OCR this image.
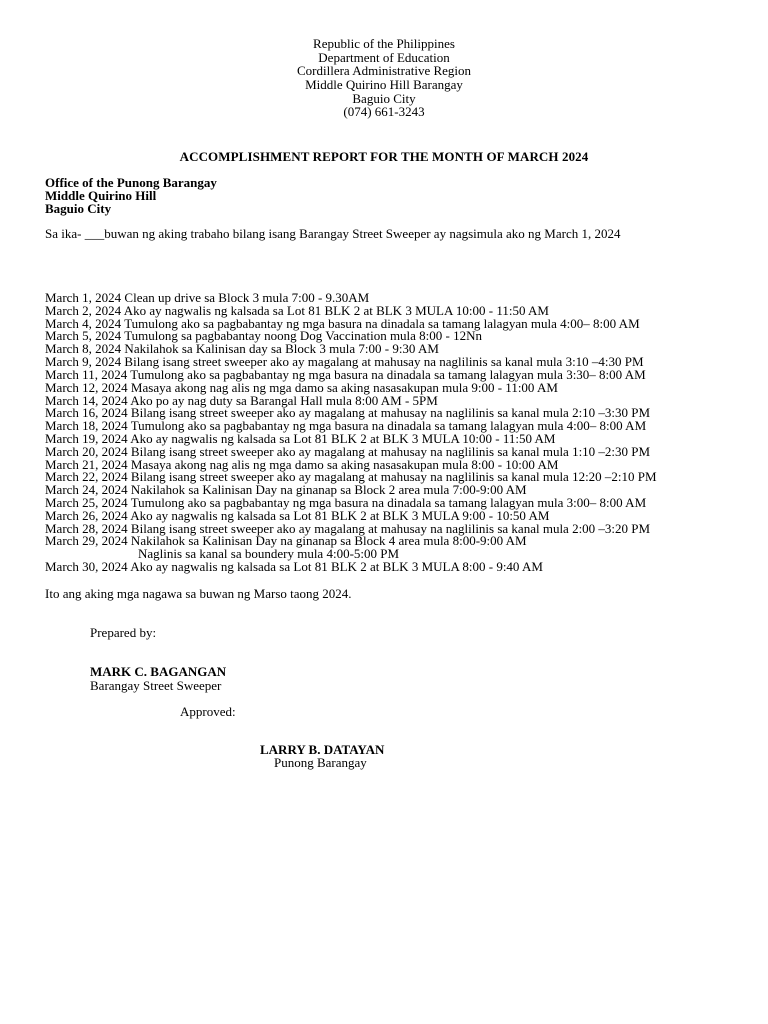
Republic of the Philippines
Department of Education
Cordillera Administrative Region
Middle Quirino Hill Barangay
Baguio City
(074) 661-3243
ACCOMPLISHMENT REPORT FOR THE MONTH OF MARCH 2024
Office of the Punong Barangay
Middle Quirino Hill
Baguio City
Sa ika- ___buwan ng aking trabaho bilang isang Barangay Street Sweeper ay nagsimula ako ng March 1, 2024
March 1, 2024 Clean up drive sa Block 3 mula 7:00 - 9.30AM
March 2, 2024 Ako ay nagwalis ng kalsada sa Lot 81 BLK 2 at BLK 3 MULA 10:00 - 11:50 AM
March 4, 2024 Tumulong ako sa pagbabantay ng mga basura na dinadala sa tamang lalagyan mula 4:00– 8:00 AM
March 5, 2024 Tumulong sa pagbabantay noong Dog Vaccination mula 8:00 - 12Nn
March 8, 2024 Nakilahok sa Kalinisan day sa Block 3 mula 7:00 - 9:30 AM
March 9, 2024 Bilang isang street sweeper ako ay magalang at mahusay na naglilinis sa kanal mula 3:10 –4:30 PM
March 11, 2024 Tumulong ako sa pagbabantay ng mga basura na dinadala sa tamang lalagyan mula 3:30– 8:00 AM
March 12, 2024 Masaya akong nag alis ng mga damo sa aking nasasakupan mula 9:00 - 11:00 AM
March 14, 2024 Ako po ay nag duty sa Barangal Hall mula 8:00 AM - 5PM
March 16, 2024 Bilang isang street sweeper ako ay magalang at mahusay na naglilinis sa kanal mula 2:10 –3:30 PM
March 18, 2024 Tumulong ako sa pagbabantay ng mga basura na dinadala sa tamang lalagyan mula 4:00– 8:00 AM
March 19, 2024 Ako ay nagwalis ng kalsada sa Lot 81 BLK 2 at BLK 3 MULA 10:00 - 11:50 AM
March 20, 2024 Bilang isang street sweeper ako ay magalang at mahusay na naglilinis sa kanal mula 1:10 –2:30 PM
March 21, 2024 Masaya akong nag alis ng mga damo sa aking nasasakupan mula 8:00 - 10:00 AM
March 22, 2024 Bilang isang street sweeper ako ay magalang at mahusay na naglilinis sa kanal mula 12:20 –2:10 PM
March 24, 2024 Nakilahok sa Kalinisan Day na ginanap sa Block 2 area mula 7:00-9:00 AM
March 25, 2024 Tumulong ako sa pagbabantay ng mga basura na dinadala sa tamang lalagyan mula 3:00– 8:00 AM
March 26, 2024 Ako ay nagwalis ng kalsada sa Lot 81 BLK 2 at BLK 3 MULA 9:00 - 10:50 AM
March 28, 2024 Bilang isang street sweeper ako ay magalang at mahusay na naglilinis sa kanal mula 2:00 –3:20 PM
March 29, 2024 Nakilahok sa Kalinisan Day na ginanap sa Block 4 area mula 8:00-9:00 AM
Naglinis sa kanal sa boundery mula 4:00-5:00 PM
March 30, 2024 Ako ay nagwalis ng kalsada sa Lot 81 BLK 2 at BLK 3 MULA 8:00 - 9:40 AM
Ito ang aking mga nagawa sa buwan ng Marso taong 2024.
Prepared by:
MARK C. BAGANGAN
Barangay Street Sweeper
Approved:
LARRY B. DATAYAN
Punong Barangay
